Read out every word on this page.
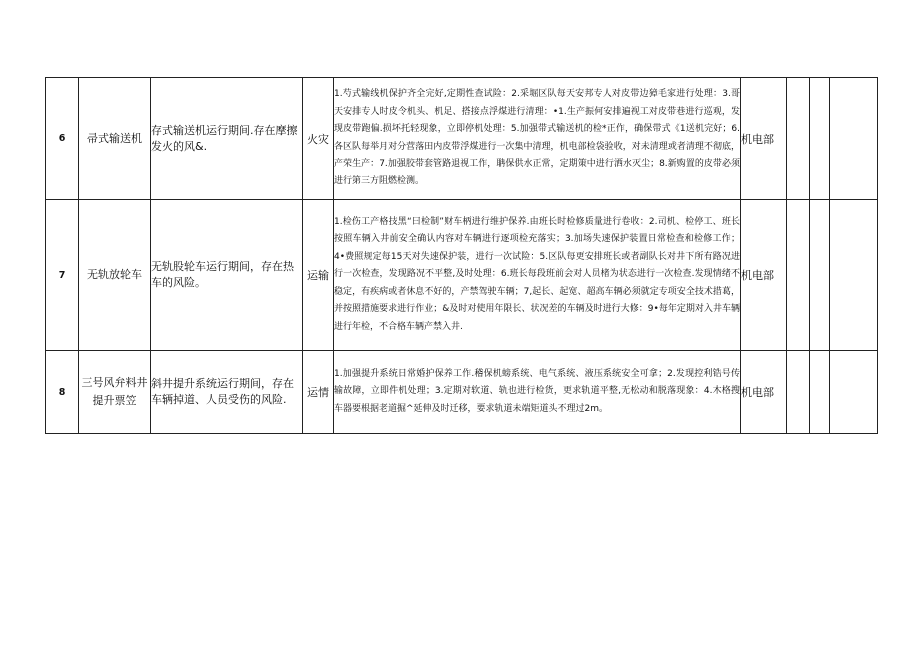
6	帚式输送机	存式输送机运行期间.存在摩擦发火的风&.	火灾	1.芍式输线机保护齐全完好,定期性查试险：2.采堀区队每天安邦专人对皮带边獐毛家进行处理：3.哥天安排专人时皮令机头、机足、搭接点浮煤进行清理：•1.生产振何安排遍视工对皮带巷进行巡观，发现皮带跑偏.损坏托轻现象，立即停机处理：5.加强带式输送机的检*正作，确保带式《1送机完好；6.各区队每举月对分营落田内皮带浮煤进行一次集中清理，机电部检袋验收，对未清理或者清理不彻底，产荣生产：7.加强胶带套管路退视工作，聃保供水正常，定期策中进行洒水灭尘；8.新购置的皮带必须进行第三方阻燃检测。	机电部			
7	无轨放轮车	无轨股轮车运行期间，存在热车的风险。	运输	1.检伤工产格技黑“曰检制”财车柄进行维护保养.由班长时检修质量进行卷收：2.司机、检停工、班长按照车辆入井前安全确认内容对车辆进行逐项检充落实；3.加场失速保护装置日常检查和检修工作；4•费照规定每15天对失速保护装，进行一次试险：5.区队每更安排班长或者副队长对井下所有路况进行一次检查，发现路况不平整,及时处理：6.班长每段班前会对人员楮为状态进行一次检查.发现情绪不稳定，有疾病或者休息不好的，产禁驾驶车辆；7,起长、起宽、超高车辆必须就定专项安全技术措葛，并按照措施要求进行作业；&及时对使用年限长、状况差的车辆及时进行大修：9•每年定期对入井车辆进行年检，不合格车辆产禁入井.	机电部			
8	三号风弁料井提升票笠	斜井提升系统运行期间，存在车辆掉道、人员受伤的风险.	运情	1.加强提升系统日常婚护保养工作.稽保机螃系统、电气系统、液压系统安全可拿；2.发现控利锆号传输故障，立即件机处理；3.定期对软道、轨也进行检货，更求轨道平整,无松动和脱落现象：4.木格搜车器要根据老道掘^延伸及时迁移，要求轨道未端矩道头不理过2m。	机电部			
